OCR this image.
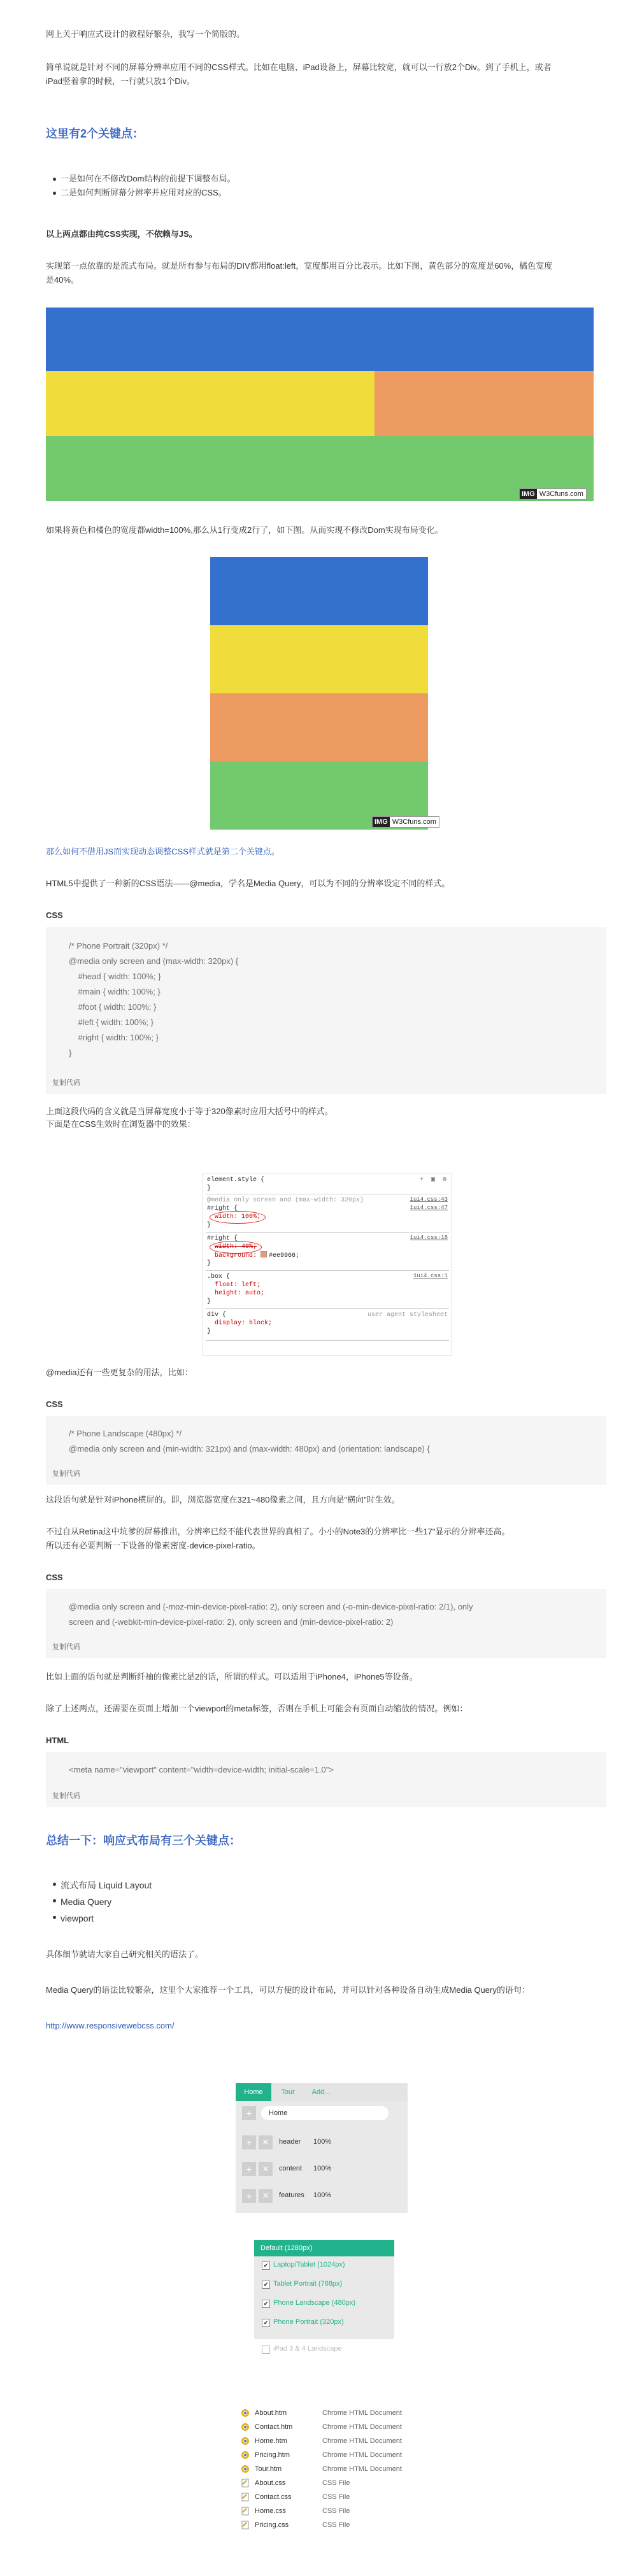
网上关于响应式设计的教程好繁杂，我写一个简版的。
简单说就是针对不同的屏幕分辨率应用不同的CSS样式。比如在电脑、iPad设备上，屏幕比较宽，就可以一行放2个Div。到了手机上，或者
iPad竖着拿的时候，一行就只放1个Div。
这里有2个关键点：
一是如何在不修改Dom结构的前提下调整布局。
二是如何判断屏幕分辨率并应用对应的CSS。
以上两点都由纯CSS实现，不依赖与JS。
实现第一点依靠的是流式布局。就是所有参与布局的DIV都用float:left，宽度都用百分比表示。比如下图，黄色部分的宽度是60%，橘色宽度
是40%。
IMG W3Cfuns.com
如果将黄色和橘色的宽度都width=100%,那么从1行变成2行了，如下图。从而实现不修改Dom实现布局变化。
IMG W3Cfuns.com
那么如何不借用JS而实现动态调整CSS样式就是第二个关键点。
HTML5中提供了一种新的CSS语法——@media，学名是Media Query，可以为不同的分辨率设定不同的样式。
CSS
/* Phone Portrait (320px) */
@media only screen and (max-width: 320px) {
#head { width: 100%; }
#main { width: 100%; }
#foot { width: 100%; }
#left { width: 100%; }
#right { width: 100%; }
}
复制代码
上面这段代码的含义就是当屏幕宽度小于等于320像素时应用大括号中的样式。
下面是在CSS生效时在浏览器中的效果：
element.style {	+ ▣ ⚙
}
@media only screen and (max-width: 320px)	1ui4.css:43
#right {	1ui4.css:47
width: 100%;
}
#right {	1ui4.css:18
width: 40%;
background: #ee9966;
}
.box {	1ui4.css:1
float: left;
height: auto;
}
div {	user agent stylesheet
display: block;
}
@media还有一些更复杂的用法，比如：
CSS
/* Phone Landscape (480px) */
@media only screen and (min-width: 321px) and (max-width: 480px) and (orientation: landscape) {
复制代码
这段语句就是针对iPhone横屏的。即，浏览器宽度在321~480像素之间，且方向是"横向"时生效。
不过自从Retina这中坑爹的屏幕推出，分辨率已经不能代表世界的真相了。小小的Note3的分辨率比一些17"显示的分辨率还高。
所以还有必要判断一下设备的像素密度-device-pixel-ratio。
CSS
@media only screen and (-moz-min-device-pixel-ratio: 2), only screen and (-o-min-device-pixel-ratio: 2/1), only
screen and (-webkit-min-device-pixel-ratio: 2), only screen and (min-device-pixel-ratio: 2)
复制代码
比如上面的语句就是判断纤袖的像素比是2的话，所谓的样式。可以适用于iPhone4，iPhone5等设备。
除了上述两点，还需要在页面上增加一个viewport的meta标签，否则在手机上可能会有页面自动缩放的情况。例如：
HTML
<meta name="viewport" content="width=device-width; initial-scale=1.0">
复制代码
总结一下：响应式布局有三个关键点：
流式布局 Liquid Layout
Media Query
viewport
具体细节就请大家自己研究相关的语法了。
Media Query的语法比较繁杂，这里个大家推荐一个工具，可以方便的设计布局，并可以针对各种设备自动生成Media Query的语句：
http://www.responsivewebcss.com/
Home	Tour	Add...
+	Home
+	✕	header 100%
+	✕	content 100%
+	✕	features 100%
Default (1280px)
✔ Laptop/Tablet (1024px)
✔ Tablet Portrait (768px)
✔ Phone Landscape (480px)
✔ Phone Portrait (320px)
iPad 3 & 4 Landscape
About.htm	Chrome HTML Document
Contact.htm	Chrome HTML Document
Home.htm	Chrome HTML Document
Pricing.htm	Chrome HTML Document
Tour.htm	Chrome HTML Document
About.css	CSS File
Contact.css	CSS File
Home.css	CSS File
Pricing.css	CSS File
